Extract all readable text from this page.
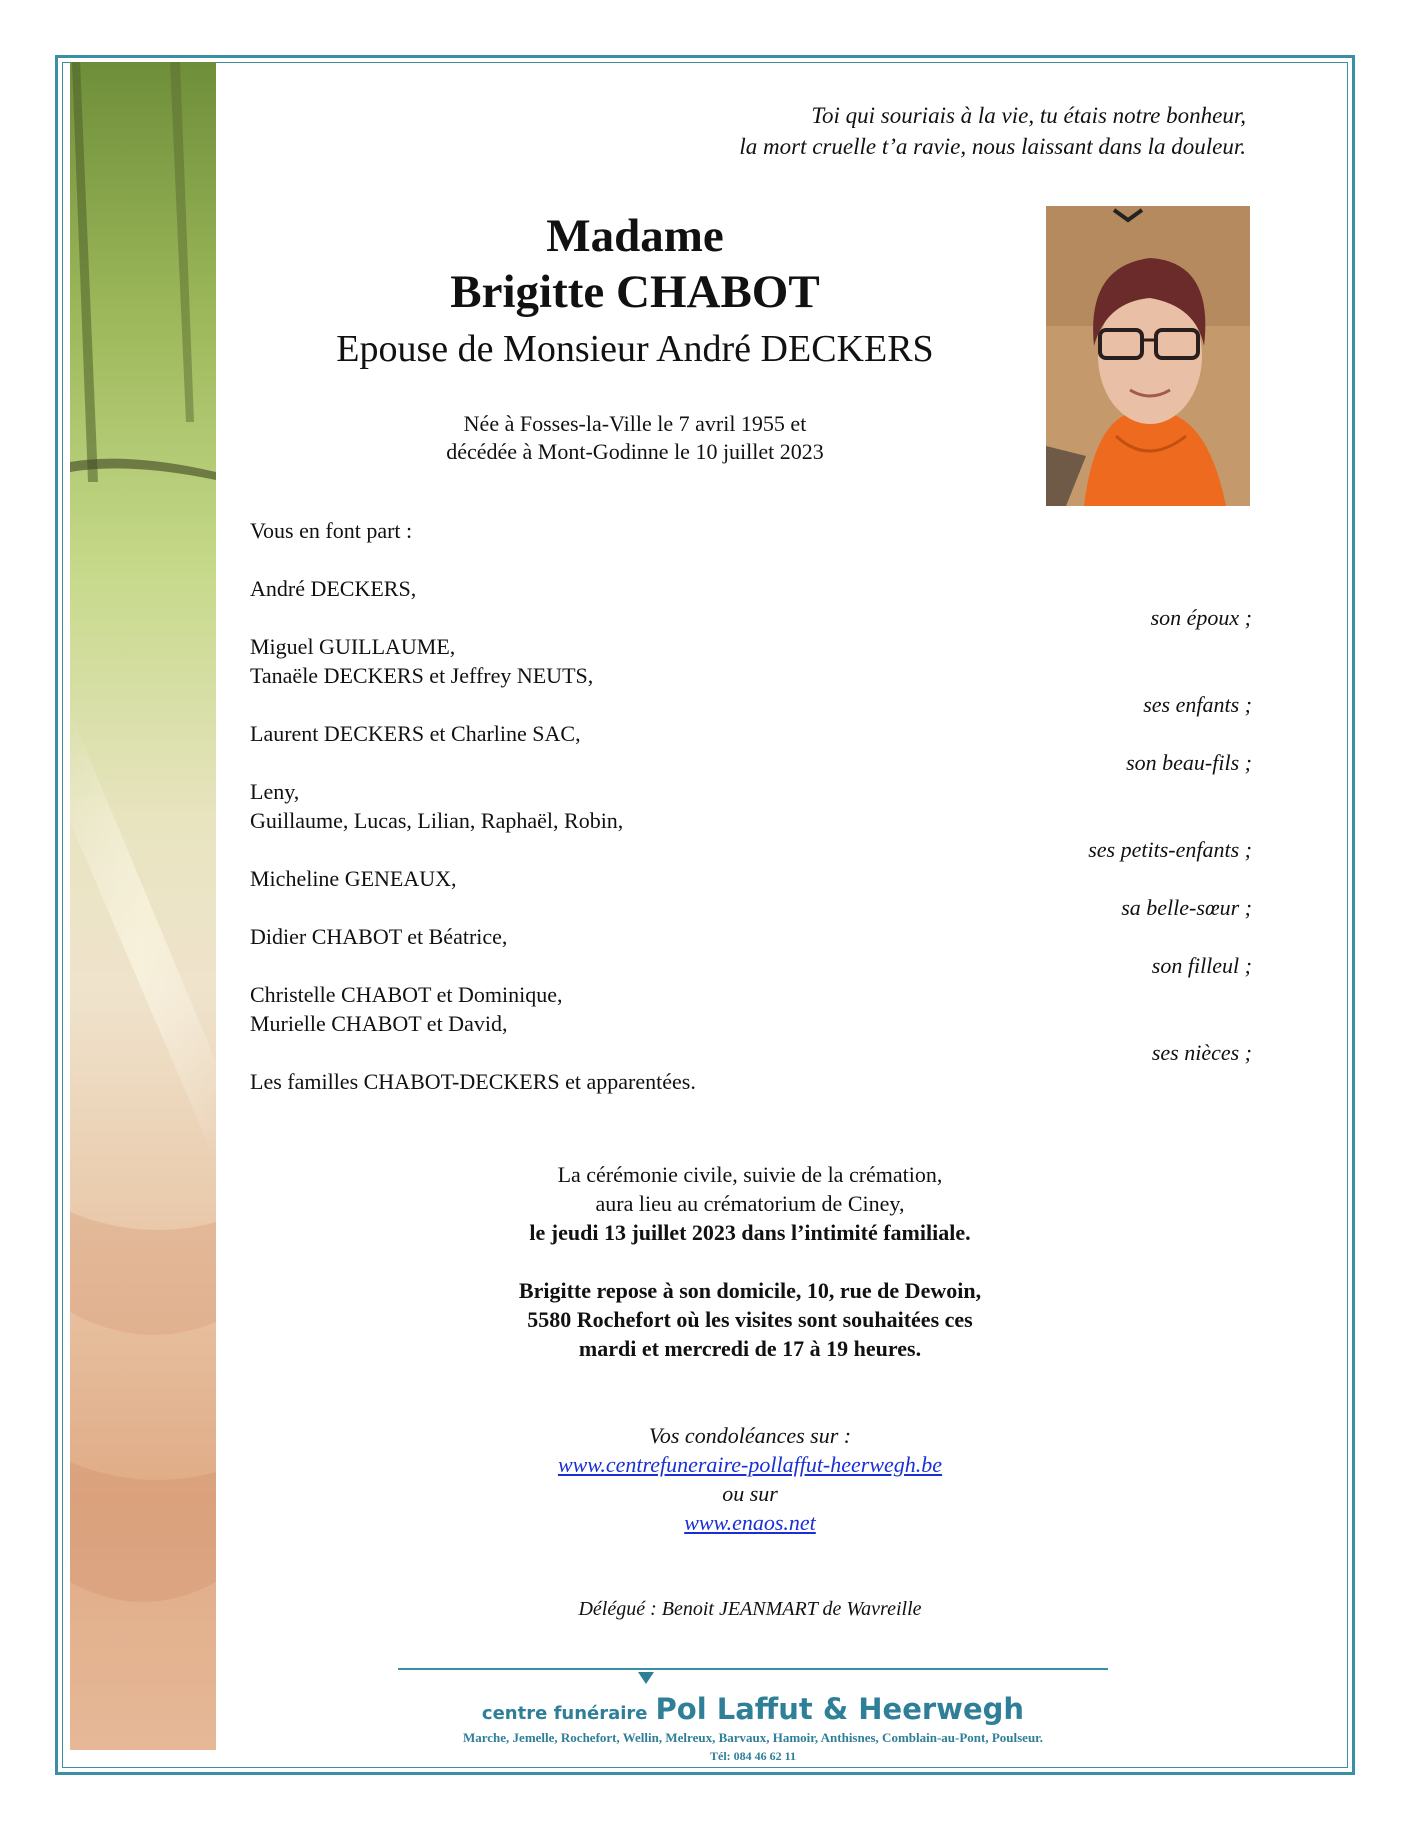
Toi qui souriais à la vie, tu étais notre bonheur,
la mort cruelle t’a ravie, nous laissant dans la douleur.
Madame
Brigitte CHABOT
Epouse de Monsieur André DECKERS
Née à Fosses-la-Ville le 7 avril 1955 et
décédée à Mont-Godinne le 10 juillet 2023
Vous en font part :
André DECKERS,
son époux ;
Miguel GUILLAUME,
Tanaële DECKERS et Jeffrey NEUTS,
ses enfants ;
Laurent DECKERS et Charline SAC,
son beau-fils ;
Leny,
Guillaume, Lucas, Lilian, Raphaël, Robin,
ses petits-enfants ;
Micheline GENEAUX,
sa belle-sœur ;
Didier CHABOT et Béatrice,
son filleul ;
Christelle CHABOT et Dominique,
Murielle CHABOT et David,
ses nièces ;
Les familles CHABOT-DECKERS et apparentées.
La cérémonie civile, suivie de la crémation,
aura lieu au crématorium de Ciney,
le jeudi 13 juillet 2023 dans l’intimité familiale.
Brigitte repose à son domicile, 10, rue de Dewoin,
5580 Rochefort où les visites sont souhaitées ces
mardi et mercredi de 17 à 19 heures.
Vos condoléances sur :
www.centrefuneraire-pollaffut-heerwegh.be
ou sur
www.enaos.net
Délégué : Benoit JEANMART de Wavreille
centre funéraire Pol Laffut & Heerwegh
Marche, Jemelle, Rochefort, Wellin, Melreux, Barvaux, Hamoir, Anthisnes, Comblain-au-Pont, Poulseur.
Tél: 084 46 62 11
